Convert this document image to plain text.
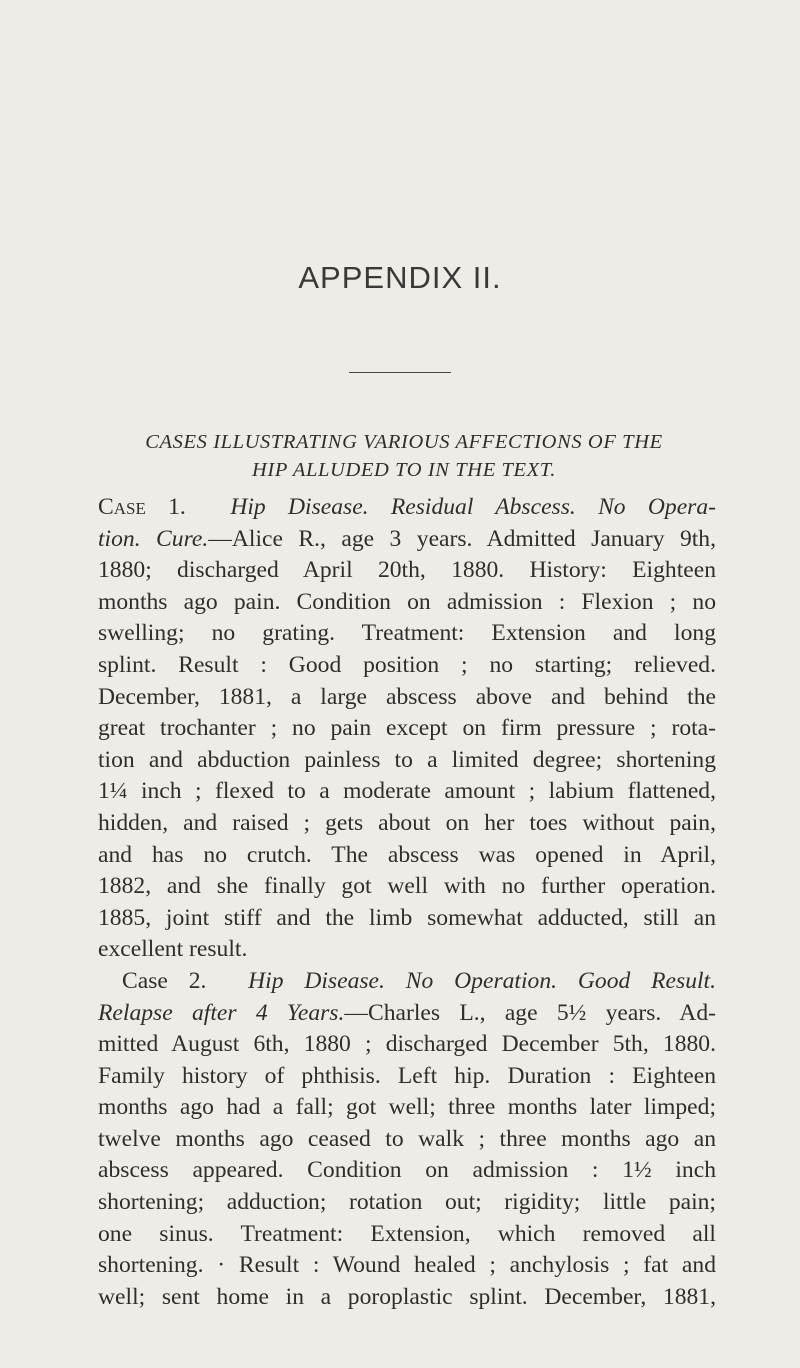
APPENDIX II.
CASES ILLUSTRATING VARIOUS AFFECTIONS OF THE
HIP ALLUDED TO IN THE TEXT.
Case 1. Hip Disease. Residual Abscess. No Opera-
tion. Cure.—Alice R., age 3 years. Admitted January 9th,
1880; discharged April 20th, 1880. History: Eighteen
months ago pain. Condition on admission : Flexion ; no
swelling; no grating. Treatment: Extension and long
splint. Result : Good position ; no starting; relieved.
December, 1881, a large abscess above and behind the
great trochanter ; no pain except on firm pressure ; rota-
tion and abduction painless to a limited degree; shortening
1¼ inch ; flexed to a moderate amount ; labium flattened,
hidden, and raised ; gets about on her toes without pain,
and has no crutch. The abscess was opened in April,
1882, and she finally got well with no further operation.
1885, joint stiff and the limb somewhat adducted, still an
excellent result.
Case 2. Hip Disease. No Operation. Good Result.
Relapse after 4 Years.—Charles L., age 5½ years. Ad-
mitted August 6th, 1880 ; discharged December 5th, 1880.
Family history of phthisis. Left hip. Duration : Eighteen
months ago had a fall; got well; three months later limped;
twelve months ago ceased to walk ; three months ago an
abscess appeared. Condition on admission : 1½ inch
shortening; adduction; rotation out; rigidity; little pain;
one sinus. Treatment: Extension, which removed all
shortening. · Result : Wound healed ; anchylosis ; fat and
well; sent home in a poroplastic splint. December, 1881,
